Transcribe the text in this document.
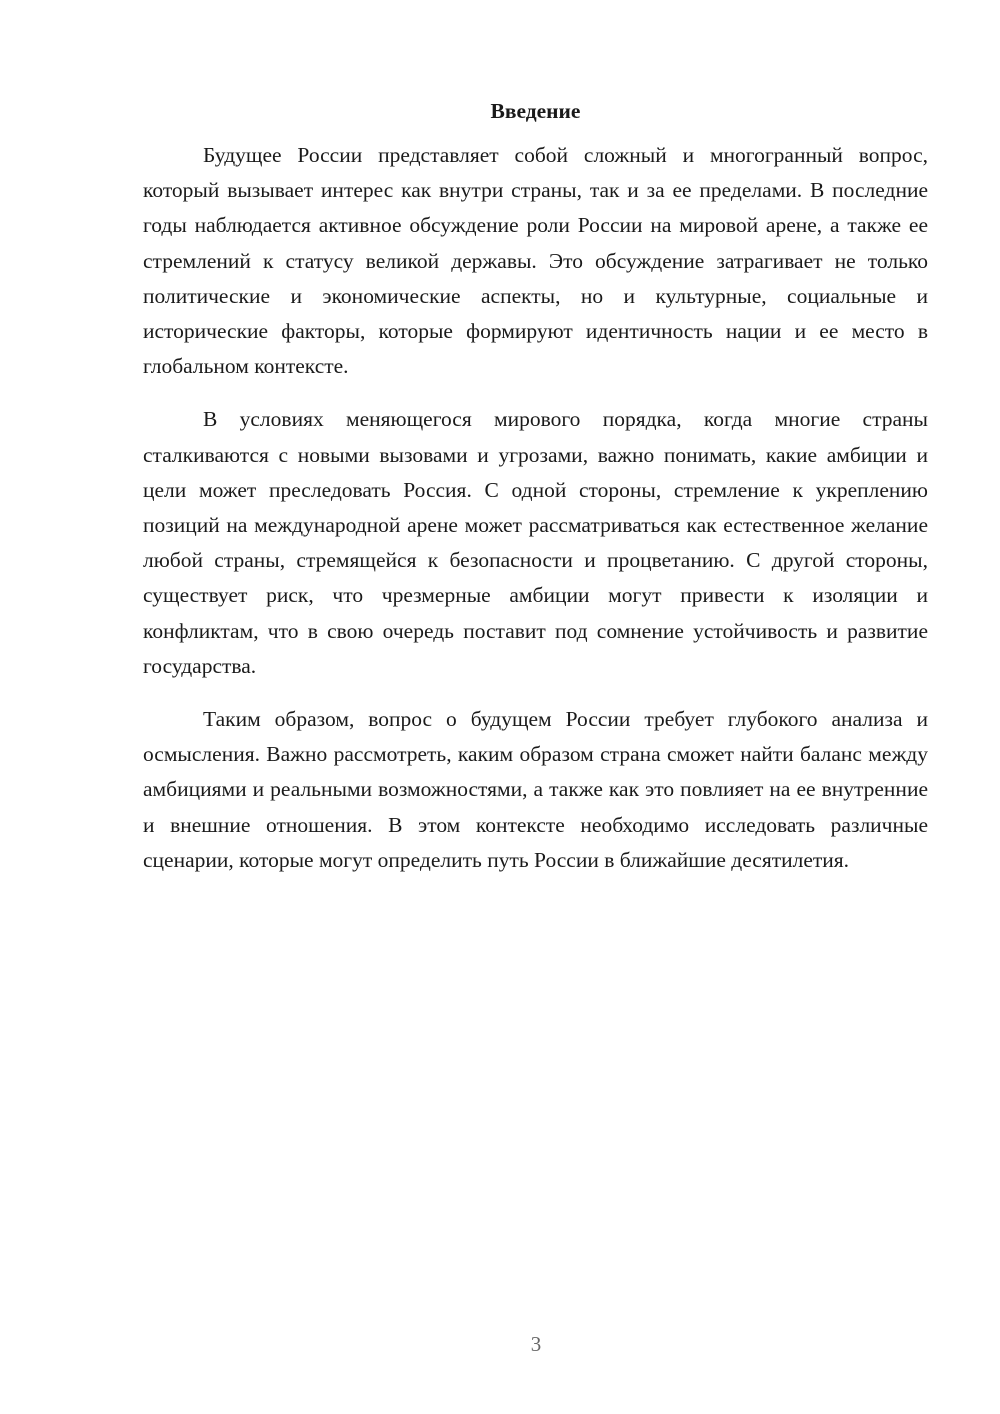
Введение

Будущее России представляет собой сложный и многогранный вопрос, который вызывает интерес как внутри страны, так и за ее пределами. В последние годы наблюдается активное обсуждение роли России на мировой арене, а также ее стремлений к статусу великой державы. Это обсуждение затрагивает не только политические и экономические аспекты, но и культурные, социальные и исторические факторы, которые формируют идентичность нации и ее место в глобальном контексте.

В условиях меняющегося мирового порядка, когда многие страны сталкиваются с новыми вызовами и угрозами, важно понимать, какие амбиции и цели может преследовать Россия. С одной стороны, стремление к укреплению позиций на международной арене может рассматриваться как естественное желание любой страны, стремящейся к безопасности и процветанию. С другой стороны, существует риск, что чрезмерные амбиции могут привести к изоляции и конфликтам, что в свою очередь поставит под сомнение устойчивость и развитие государства.

Таким образом, вопрос о будущем России требует глубокого анализа и осмысления. Важно рассмотреть, каким образом страна сможет найти баланс между амбициями и реальными возможностями, а также как это повлияет на ее внутренние и внешние отношения. В этом контексте необходимо исследовать различные сценарии, которые могут определить путь России в ближайшие десятилетия.

3
